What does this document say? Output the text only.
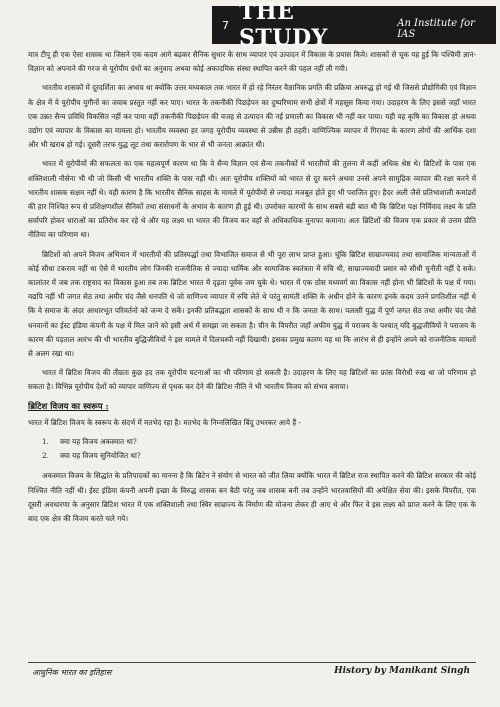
7 THE STUDY
An Institute for IAS

मात्र टीपू ही एक ऐसा शासक था जिसने एक कदम आगे बढ़कर सैनिक सुधार के साथ व्यापार एवं उत्पादन में विकास के प्रयास किये। शासकों से चूक यह हुई कि पश्चिमी ज्ञान-विज्ञान को अपनाने की गरज से यूरोपीय ग्रंथों का अनुवाद अथवा कोई अकादमिक संस्था स्थापित करने की पहल नहीं ली गयी।

भारतीय शासकों में दूरदर्शिता का अभाव था क्योंकि उत्तर मध्यकाल तक भारत में हो रहे निरंतर वैज्ञानिक प्रगति की प्रक्रिया अवरुद्ध हो गई थी जिससे प्रौद्योगिकी एवं विज्ञान के क्षेत्र में ये यूरोपीय युगीनों का जवाब प्रस्तुत नहीं कर पाए। भारत के तकनीकी पिछड़ेपन का दुष्परिणाम सभी क्षेत्रों में महसूस किया गया। उदाहरण के लिए इससे जहाँ भारत एक उन्नत सैन्य प्रविधि विकसित नहीं कर पाया वहीं तकनीकी पिछड़ेपन की वजह से उत्पादन की नई प्रणाली का विकास भी नहीं कर पाया। यही वह कृषि का विकास हो अथवा उद्योग एवं व्यापार के विकास का मामला हो। भारतीय व्यवस्था हर जगह यूरोपीय व्यवस्था से उन्नीस ही ठहरी। वाणिज्यिक व्यापार में गिरावट के कारण लोगों की आर्थिक दशा और भी खराब हो गई। दूसरी तरफ युद्ध लूट तथा करारोपण के भार से भी जनता आक्रांत थी।

भारत में यूरोपीयों की सफलता का एक महत्वपूर्ण कारण था कि वे सैन्य विज्ञान एवं सैन्य तकनीकों में भारतीयों की तुलना में कहीं अधिक श्रेष्ठ थे। ब्रिटिशों के पास एक शक्तिशाली नौसेना भी थी जो किसी भी भारतीय शक्ति के पास नहीं थी। अतः यूरोपीय शक्तियों को भारत से दूर करने अथवा उनसे अपने सामुद्रिक व्यापार की रक्षा करने में भारतीय शासक सक्षम नहीं थे। यही कारण है कि भारतीय सैनिक साहस के मामले में यूरोपीयों से ज्यादा मजबूत होते हुए भी पराजित हुए। हैदर अली जैसे प्रतिभाशाली कमांडरों की हार निश्चित रूप से प्रशिक्षणशील सैनिकों तथा संसाधनों के अभाव के कारण ही हुई थी। उपरोक्त कारणों के साथ सबसे बड़ी बात थी कि ब्रिटिश पक्ष निर्विवाद लक्ष्य के प्रति सर्वापरि होकर धाराओं का प्रतिरोध कर रहे थे और यह लक्ष्य था भारत की विजय कर वहाँ से अधिकाधिक मुनाफा कमाना। अतः ब्रिटिशों की विजय एक प्रकार से उत्तम प्रीति नीतिया का परिणाम था।

ब्रिटिशों को अपने विजय अभियान में भारतीयों की प्रतिस्पर्द्धा तथा विभाजित समाज से भी पूरा लाभ प्राप्त हुआ। चूंकि ब्रिटिश साम्राज्यवाद तथा सामाजिक मान्यताओं में कोई सीधा टकराव नहीं था ऐसे में भारतीय लोग जिनकी राजनीतिक से ज्यादा धार्मिक और सामाजिक स्वतंत्रता में रुचि थी, साम्राज्यवादी प्रसार को सीधी चुनौती नहीं दे सके। कालांतर में जब तक राष्ट्रवाद का विकास हुआ तब तक ब्रिटिश भारत में दृढ़ता पूर्वक जम चुके थे। भारत में एक ठोस मध्यवर्ग का विकास नहीं होना भी ब्रिटिशों के पक्ष में गया। यद्यपि नहीं भी जगत सेठ तथा अमीर चंद जैसे धनपति थे जो वाणिज्य व्यापार में रुचि लेते थे परंतु सामंती शक्ति के अधीन होने के कारण इनके कदम उतने प्रगतिशील नहीं थे कि वे समाज के अंदर आधारभूत परिवर्तनों को जन्म दे सकें। इनकी प्रतिबद्धता शासकों के साथ थी न कि जनता के साथ। पलासी युद्ध में पूर्ण जगत सेठ तथा अमीर चंद जैसे धनवानों का ईस्ट इंडिया कंपनी के पक्ष में मिल जाने को इसी अर्थ में समझा जा सकता है। चीन के विपरीत जहाँ अफीम युद्ध में पराजय के पश्चात् यदि बुद्धजीवियों ने पराजय के कारण की पड़ताल आरंभ की थी भारतीय बुद्धिजीवियों ने इस मामले में दिलचस्पी नहीं दिखायी। इसका प्रमुख कारण यह था कि आरंभ से ही इन्होंने अपने को राजनीतिक मामलों से अलग रखा था।

भारत में ब्रिटिश विजय की तीव्रता कुछ हद तक यूरोपीय घटनाओं का भी परिणाम हो सकती है। उदाहरण के लिए यह ब्रिटिशों का फ्रांस विरोधी रुख था जो परिणाम हो सकता है। विभिन्न यूरोपीय देशों को व्यापार वाणिज्य से पृथक कर देने की ब्रिटिश नीति ने भी भारतीय विजय को संभव बनाया।

ब्रिटिश विजय का स्वरूप :

भारत में ब्रिटिश विजय के स्वरूप के संदर्भ में मतभेद रहा है। मतभेद के निम्नलिखित बिंदु उभरकर आये हैं -

1.	क्या यह विजय अकस्मात था?
2.	क्या यह विजय सुनियोजित था?

अकस्मात विजय के सिद्धांत के प्रतिपादकों का मानना है कि ब्रिटेन ने संयोग से भारत को जीत लिया क्योंकि भारत में ब्रिटिश राज स्थापित करने की ब्रिटिश सरकार की कोई निश्चित नीति नहीं थी। ईस्ट इंडिया कंपनी अपनी इच्छा के विरुद्ध शासक बन बैठी परंतु जब शासक बनी तब उन्होंने भारतवासियों की अपेक्षित सेवा की। इसके विपरीत, एक दूसरी अवधारणा के अनुसार ब्रिटिश भारत में एक शक्तिशाली तथा स्थिर साम्राज्य के निर्माण की योजना लेकर ही आए थे और फिर वे इस लक्ष्य को प्राप्त करने के लिए एक के बाद एक क्षेत्र की विजय करते चले गये।

आधुनिक भारत का इतिहास	History by Manikant Singh
